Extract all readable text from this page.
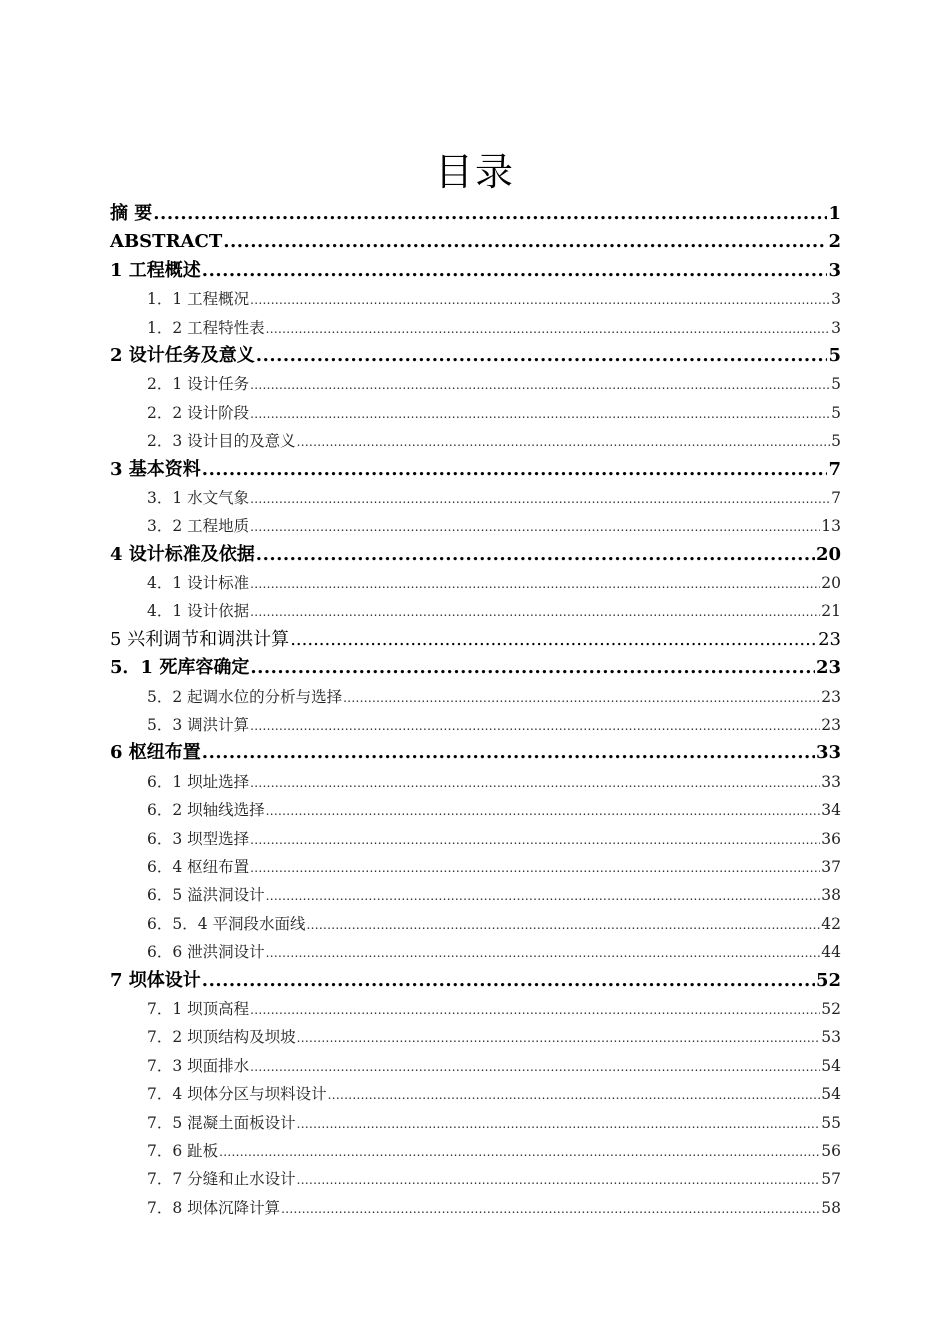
目录
摘 要 .....	1
ABSTRACT .....	2
1 工程概述 .....	3
1．1 工程概况 .....	3
1．2 工程特性表 .....	3
2 设计任务及意义 .....	5
2．1 设计任务 .....	5
2．2 设计阶段 .....	5
2．3 设计目的及意义 .....	5
3 基本资料 .....	7
3．1 水文气象 .....	7
3．2 工程地质 .....	13
4 设计标准及依据 .....	20
4．1 设计标准 .....	20
4．1 设计依据 .....	21
5 兴利调节和调洪计算 .....	23
5．1 死库容确定 .....	23
5．2 起调水位的分析与选择 .....	23
5．3 调洪计算 .....	23
6 枢纽布置 .....	33
6．1 坝址选择 .....	33
6．2 坝轴线选择 .....	34
6．3 坝型选择 .....	36
6．4 枢纽布置 .....	37
6．5 溢洪洞设计 .....	38
6．5．4 平洞段水面线 .....	42
6．6 泄洪洞设计 .....	44
7 坝体设计 .....	52
7．1 坝顶高程 .....	52
7．2 坝顶结构及坝坡 .....	53
7．3 坝面排水 .....	54
7．4 坝体分区与坝料设计 .....	54
7．5 混凝土面板设计 .....	55
7．6 趾板 .....	56
7．7 分缝和止水设计 .....	57
7．8 坝体沉降计算 .....	58
